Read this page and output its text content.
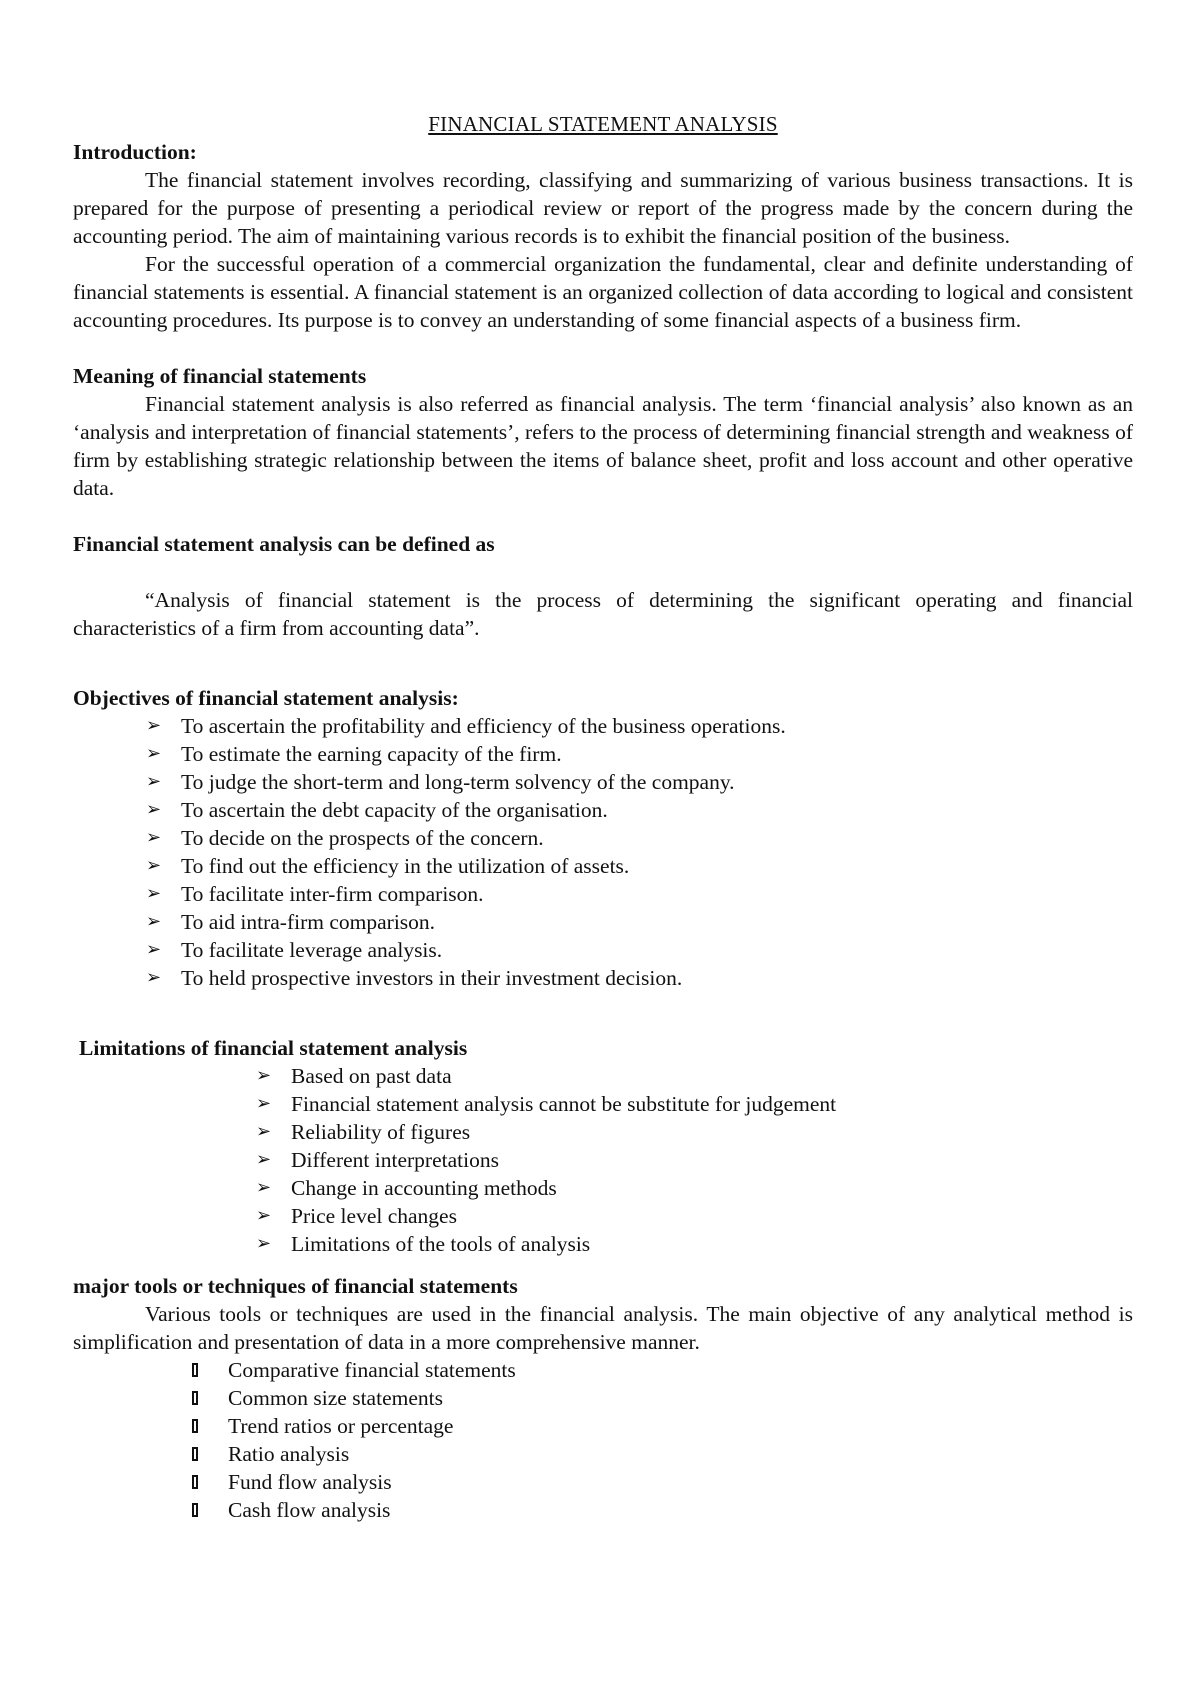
FINANCIAL STATEMENT ANALYSIS

Introduction:

The financial statement involves recording, classifying and summarizing of various business transactions. It is prepared for the purpose of presenting a periodical review or report of the progress made by the concern during the accounting period. The aim of maintaining various records is to exhibit the financial position of the business.

For the successful operation of a commercial organization the fundamental, clear and definite understanding of financial statements is essential. A financial statement is an organized collection of data according to logical and consistent accounting procedures. Its purpose is to convey an understanding of some financial aspects of a business firm.

Meaning of financial statements

Financial statement analysis is also referred as financial analysis. The term ‘financial analysis’ also known as an ‘analysis and interpretation of financial statements’, refers to the process of determining financial strength and weakness of firm by establishing strategic relationship between the items of balance sheet, profit and loss account and other operative data.

Financial statement analysis can be defined as

“Analysis of financial statement is the process of determining the significant operating and financial characteristics of a firm from accounting data”.

Objectives of financial statement analysis:

➢ To ascertain the profitability and efficiency of the business operations.
➢ To estimate the earning capacity of the firm.
➢ To judge the short-term and long-term solvency of the company.
➢ To ascertain the debt capacity of the organisation.
➢ To decide on the prospects of the concern.
➢ To find out the efficiency in the utilization of assets.
➢ To facilitate inter-firm comparison.
➢ To aid intra-firm comparison.
➢ To facilitate leverage analysis.
➢ To held prospective investors in their investment decision.

Limitations of financial statement analysis

➢ Based on past data
➢ Financial statement analysis cannot be substitute for judgement
➢ Reliability of figures
➢ Different interpretations
➢ Change in accounting methods
➢ Price level changes
➢ Limitations of the tools of analysis

major tools or techniques of financial statements

Various tools or techniques are used in the financial analysis. The main objective of any analytical method is simplification and presentation of data in a more comprehensive manner.

Comparative financial statements
Common size statements
Trend ratios or percentage
Ratio analysis
Fund flow analysis
Cash flow analysis
